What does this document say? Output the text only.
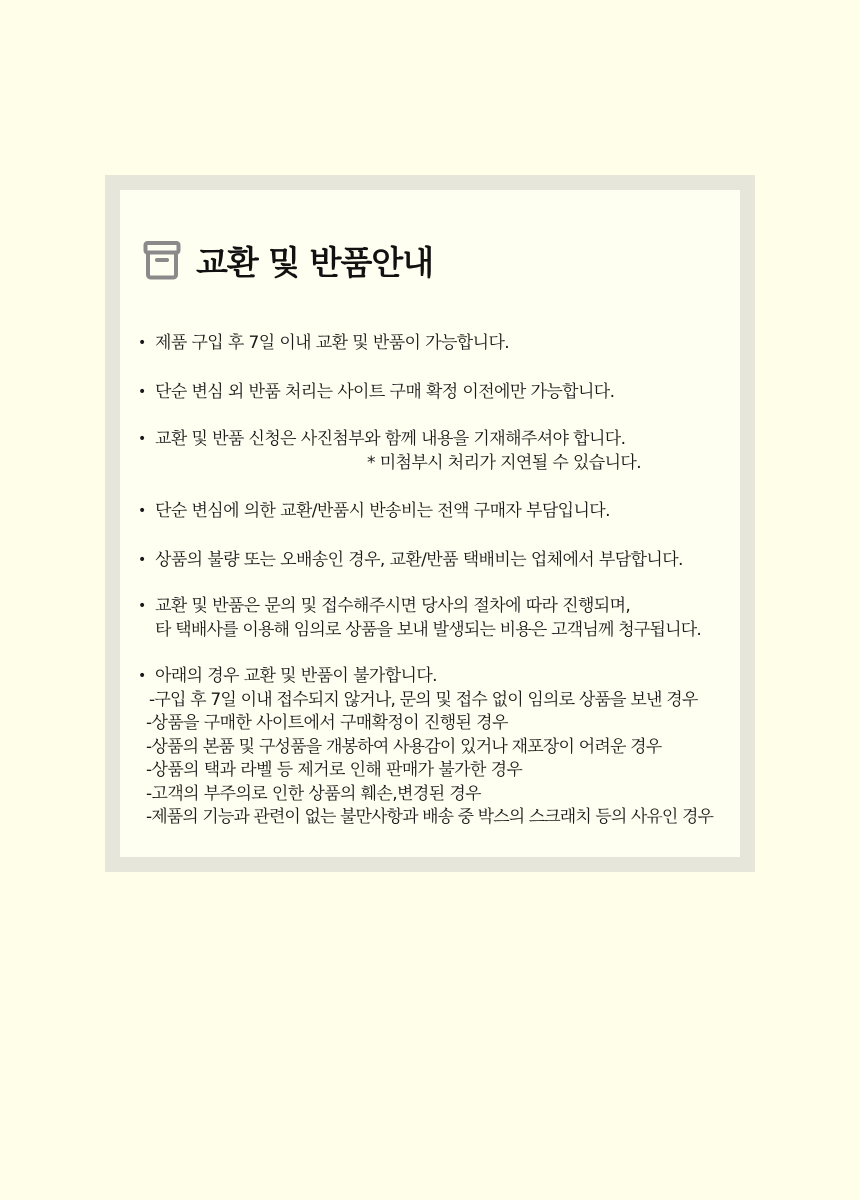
교환 및 반품안내
• 제품 구입 후 7일 이내 교환 및 반품이 가능합니다.
• 단순 변심 외 반품 처리는 사이트 구매 확정 이전에만 가능합니다.
• 교환 및 반품 신청은 사진첨부와 함께 내용을 기재해주셔야 합니다.
* 미첨부시 처리가 지연될 수 있습니다.
• 단순 변심에 의한 교환/반품시 반송비는 전액 구매자 부담입니다.
• 상품의 불량 또는 오배송인 경우, 교환/반품 택배비는 업체에서 부담합니다.
• 교환 및 반품은 문의 및 접수해주시면 당사의 절차에 따라 진행되며,
타 택배사를 이용해 임의로 상품을 보내 발생되는 비용은 고객님께 청구됩니다.
• 아래의 경우 교환 및 반품이 불가합니다.
-구입 후 7일 이내 접수되지 않거나, 문의 및 접수 없이 임의로 상품을 보낸 경우
-상품을 구매한 사이트에서 구매확정이 진행된 경우
-상품의 본품 및 구성품을 개봉하여 사용감이 있거나 재포장이 어려운 경우
-상품의 택과 라벨 등 제거로 인해 판매가 불가한 경우
-고객의 부주의로 인한 상품의 훼손,변경된 경우
-제품의 기능과 관련이 없는 불만사항과 배송 중 박스의 스크래치 등의 사유인 경우
